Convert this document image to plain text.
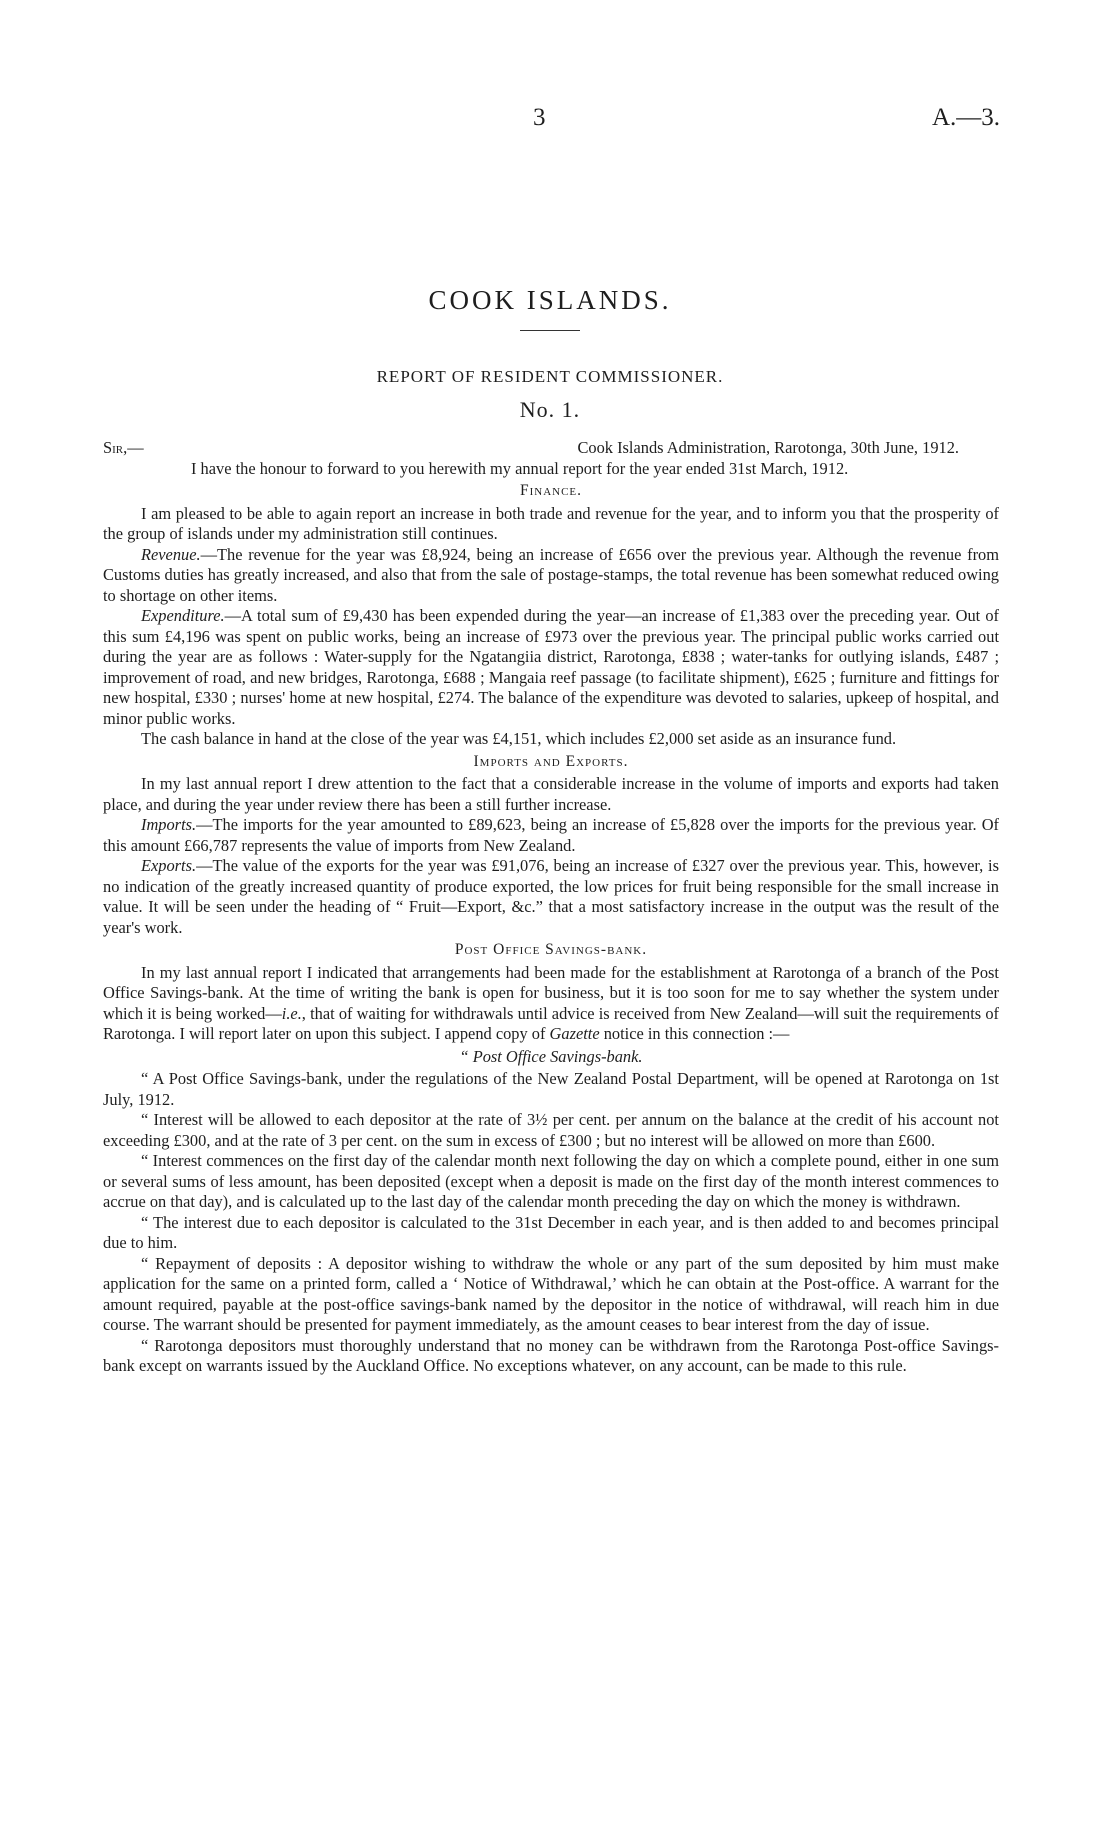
3	A.—3.
COOK ISLANDS.
REPORT OF RESIDENT COMMISSIONER.
No. 1.
Sir,—	Cook Islands Administration, Rarotonga, 30th June, 1912.

I have the honour to forward to you herewith my annual report for the year ended 31st March, 1912.

Finance.

I am pleased to be able to again report an increase in both trade and revenue for the year, and to inform you that the prosperity of the group of islands under my administration still continues.

Revenue.—The revenue for the year was £8,924, being an increase of £656 over the previous year. Although the revenue from Customs duties has greatly increased, and also that from the sale of postage-stamps, the total revenue has been somewhat reduced owing to shortage on other items.

Expenditure.—A total sum of £9,430 has been expended during the year—an increase of £1,383 over the preceding year. Out of this sum £4,196 was spent on public works, being an increase of £973 over the previous year. The principal public works carried out during the year are as follows : Water-supply for the Ngatangiia district, Rarotonga, £838 ; water-tanks for outlying islands, £487 ; improvement of road, and new bridges, Rarotonga, £688 ; Mangaia reef passage (to facilitate shipment), £625 ; furniture and fittings for new hospital, £330 ; nurses' home at new hospital, £274. The balance of the expenditure was devoted to salaries, upkeep of hospital, and minor public works.

The cash balance in hand at the close of the year was £4,151, which includes £2,000 set aside as an insurance fund.

Imports and Exports.

In my last annual report I drew attention to the fact that a considerable increase in the volume of imports and exports had taken place, and during the year under review there has been a still further increase.

Imports.—The imports for the year amounted to £89,623, being an increase of £5,828 over the imports for the previous year. Of this amount £66,787 represents the value of imports from New Zealand.

Exports.—The value of the exports for the year was £91,076, being an increase of £327 over the previous year. This, however, is no indication of the greatly increased quantity of produce exported, the low prices for fruit being responsible for the small increase in value. It will be seen under the heading of “ Fruit—Export, &c.” that a most satisfactory increase in the output was the result of the year's work.

Post Office Savings-bank.

In my last annual report I indicated that arrangements had been made for the establishment at Rarotonga of a branch of the Post Office Savings-bank. At the time of writing the bank is open for business, but it is too soon for me to say whether the system under which it is being worked—i.e., that of waiting for withdrawals until advice is received from New Zealand—will suit the requirements of Rarotonga. I will report later on upon this subject. I append copy of Gazette notice in this connection :—

“ Post Office Savings-bank.

“ A Post Office Savings-bank, under the regulations of the New Zealand Postal Department, will be opened at Rarotonga on 1st July, 1912.

“ Interest will be allowed to each depositor at the rate of 3½ per cent. per annum on the balance at the credit of his account not exceeding £300, and at the rate of 3 per cent. on the sum in excess of £300 ; but no interest will be allowed on more than £600.

“ Interest commences on the first day of the calendar month next following the day on which a complete pound, either in one sum or several sums of less amount, has been deposited (except when a deposit is made on the first day of the month interest commences to accrue on that day), and is calculated up to the last day of the calendar month preceding the day on which the money is withdrawn.

“ The interest due to each depositor is calculated to the 31st December in each year, and is then added to and becomes principal due to him.

“ Repayment of deposits : A depositor wishing to withdraw the whole or any part of the sum deposited by him must make application for the same on a printed form, called a ‘ Notice of Withdrawal,’ which he can obtain at the Post-office. A warrant for the amount required, payable at the post-office savings-bank named by the depositor in the notice of withdrawal, will reach him in due course. The warrant should be presented for payment immediately, as the amount ceases to bear interest from the day of issue.

“ Rarotonga depositors must thoroughly understand that no money can be withdrawn from the Rarotonga Post-office Savings-bank except on warrants issued by the Auckland Office. No exceptions whatever, on any account, can be made to this rule.
